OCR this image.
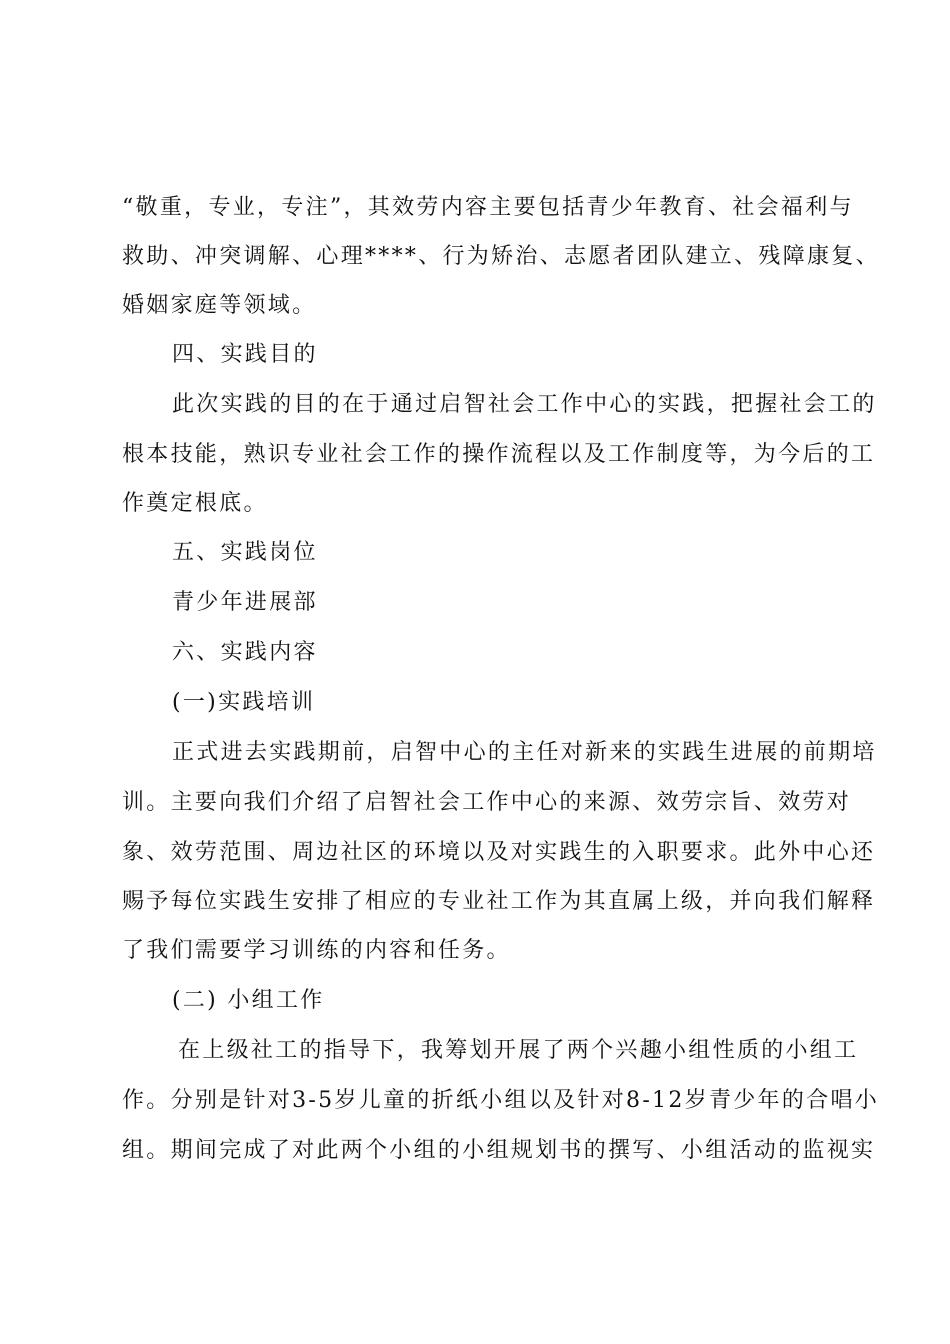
“敬重，专业，专注”，其效劳内容主要包括青少年教育、社会福利与
救助、冲突调解、心理****、行为矫治、志愿者团队建立、残障康复、
婚姻家庭等领域。
四、实践目的
此次实践的目的在于通过启智社会工作中心的实践，把握社会工的
根本技能，熟识专业社会工作的操作流程以及工作制度等，为今后的工
作奠定根底。
五、实践岗位
青少年进展部
六、实践内容
(一)实践培训
正式进去实践期前，启智中心的主任对新来的实践生进展的前期培
训。主要向我们介绍了启智社会工作中心的来源、效劳宗旨、效劳对
象、效劳范围、周边社区的环境以及对实践生的入职要求。此外中心还
赐予每位实践生安排了相应的专业社工作为其直属上级，并向我们解释
了我们需要学习训练的内容和任务。
(二) 小组工作
在上级社工的指导下，我筹划开展了两个兴趣小组性质的小组工
作。分别是针对3-5岁儿童的折纸小组以及针对8-12岁青少年的合唱小
组。期间完成了对此两个小组的小组规划书的撰写、小组活动的监视实
